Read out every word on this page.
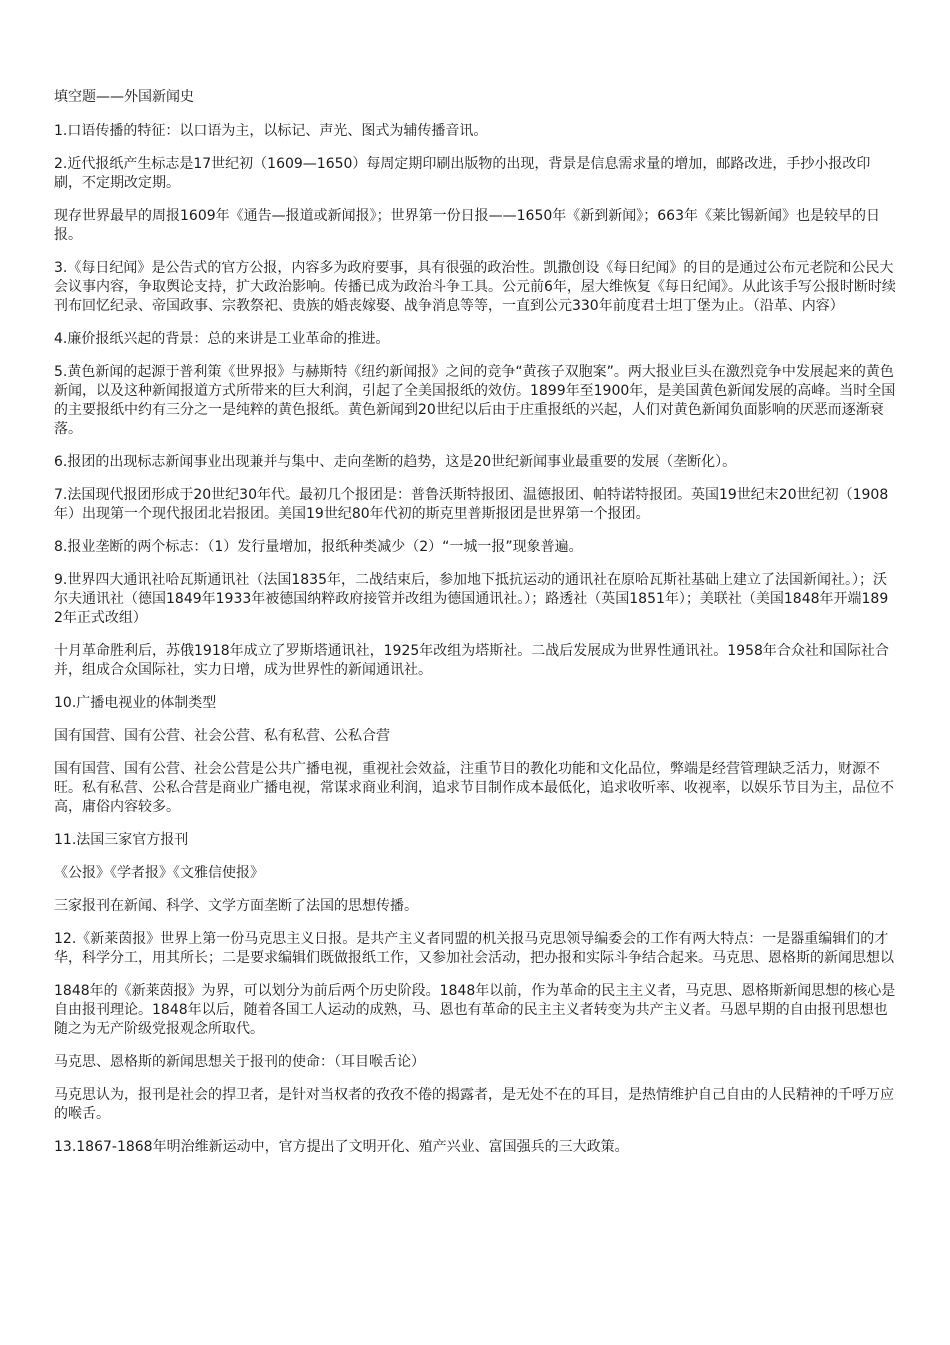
填空题——外国新闻史

1.口语传播的特征：以口语为主，以标记、声光、图式为辅传播音讯。

2.近代报纸产生标志是17世纪初（1609—1650）每周定期印刷出版物的出现，背景是信息需求量的增加，邮路改进，手抄小报改印刷，不定期改定期。

现存世界最早的周报1609年《通告—报道或新闻报》；世界第一份日报——1650年《新到新闻》；663年《莱比锡新闻》也是较早的日报。

3.《每日纪闻》是公告式的官方公报，内容多为政府要事，具有很强的政治性。凯撒创设《每日纪闻》的目的是通过公布元老院和公民大会议事内容，争取舆论支持，扩大政治影响。传播已成为政治斗争工具。公元前6年，屋大维恢复《每日纪闻》。从此该手写公报时断时续刊布回忆纪录、帝国政事、宗教祭祀、贵族的婚丧嫁娶、战争消息等等，一直到公元330年前度君士坦丁堡为止。（沿革、内容）

4.廉价报纸兴起的背景：总的来讲是工业革命的推进。

5.黄色新闻的起源于普利策《世界报》与赫斯特《纽约新闻报》之间的竞争“黄孩子双胞案”。两大报业巨头在激烈竞争中发展起来的黄色新闻，以及这种新闻报道方式所带来的巨大利润，引起了全美国报纸的效仿。1899年至1900年，是美国黄色新闻发展的高峰。当时全国的主要报纸中约有三分之一是纯粹的黄色报纸。黄色新闻到20世纪以后由于庄重报纸的兴起，人们对黄色新闻负面影响的厌恶而逐渐衰落。

6.报团的出现标志新闻事业出现兼并与集中、走向垄断的趋势，这是20世纪新闻事业最重要的发展（垄断化）。

7.法国现代报团形成于20世纪30年代。最初几个报团是：普鲁沃斯特报团、温德报团、帕特诺特报团。英国19世纪末20世纪初（1908年）出现第一个现代报团北岩报团。美国19世纪80年代初的斯克里普斯报团是世界第一个报团。

8.报业垄断的两个标志：（1）发行量增加，报纸种类减少（2）“一城一报”现象普遍。

9.世界四大通讯社哈瓦斯通讯社（法国1835年，二战结束后，参加地下抵抗运动的通讯社在原哈瓦斯社基础上建立了法国新闻社。）；沃尔夫通讯社（德国1849年1933年被德国纳粹政府接管并改组为德国通讯社。）；路透社（英国1851年）；美联社（美国1848年开端1892年正式改组）

十月革命胜利后，苏俄1918年成立了罗斯塔通讯社，1925年改组为塔斯社。二战后发展成为世界性通讯社。1958年合众社和国际社合并，组成合众国际社，实力日增，成为世界性的新闻通讯社。

10.广播电视业的体制类型

国有国营、国有公营、社会公营、私有私营、公私合营

国有国营、国有公营、社会公营是公共广播电视，重视社会效益，注重节目的教化功能和文化品位，弊端是经营管理缺乏活力，财源不旺。私有私营、公私合营是商业广播电视，常谋求商业利润，追求节目制作成本最低化，追求收听率、收视率，以娱乐节目为主，品位不高，庸俗内容较多。

11.法国三家官方报刊

《公报》《学者报》《文雅信使报》

三家报刊在新闻、科学、文学方面垄断了法国的思想传播。

12.《新莱茵报》世界上第一份马克思主义日报。是共产主义者同盟的机关报马克思领导编委会的工作有两大特点：一是器重编辑们的才华，科学分工，用其所长；二是要求编辑们既做报纸工作，又参加社会活动，把办报和实际斗争结合起来。马克思、恩格斯的新闻思想以

1848年的《新莱茵报》为界，可以划分为前后两个历史阶段。1848年以前，作为革命的民主主义者，马克思、恩格斯新闻思想的核心是自由报刊理论。1848年以后，随着各国工人运动的成熟，马、恩也有革命的民主主义者转变为共产主义者。马恩早期的自由报刊思想也随之为无产阶级党报观念所取代。

马克思、恩格斯的新闻思想关于报刊的使命：（耳目喉舌论）

马克思认为，报刊是社会的捍卫者，是针对当权者的孜孜不倦的揭露者，是无处不在的耳目，是热情维护自己自由的人民精神的千呼万应的喉舌。

13.1867-1868年明治维新运动中，官方提出了文明开化、殖产兴业、富国强兵的三大政策。
